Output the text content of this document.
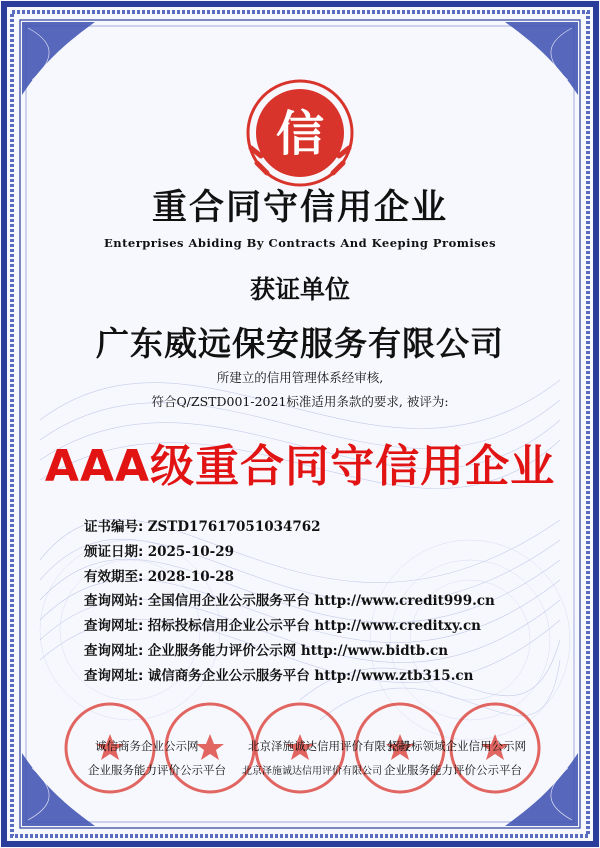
信
重合同守信用企业
Enterprises Abiding By Contracts And Keeping Promises
获证单位
广东威远保安服务有限公司
所建立的信用管理体系经审核,
符合Q/ZSTD001-2021标准适用条款的要求, 被评为:
AAA级重合同守信用企业
证书编号: ZSTD17617051034762
颁证日期: 2025-10-29
有效期至: 2028-10-28
查询网站: 全国信用企业公示服务平台 http://www.credit999.cn
查询网址: 招标投标信用企业公示平台 http://www.creditxy.cn
查询网址: 企业服务能力评价公示网 http://www.bidtb.cn
查询网址: 诚信商务企业公示服务平台 http://www.ztb315.cn
诚信商务企业公示网	北京泽施诚达信用评价有限公司
招投标领域企业信用公示网
企业服务能力评价公示平台 北京泽施诚达信用评价有限公司 企业服务能力评价公示平台
